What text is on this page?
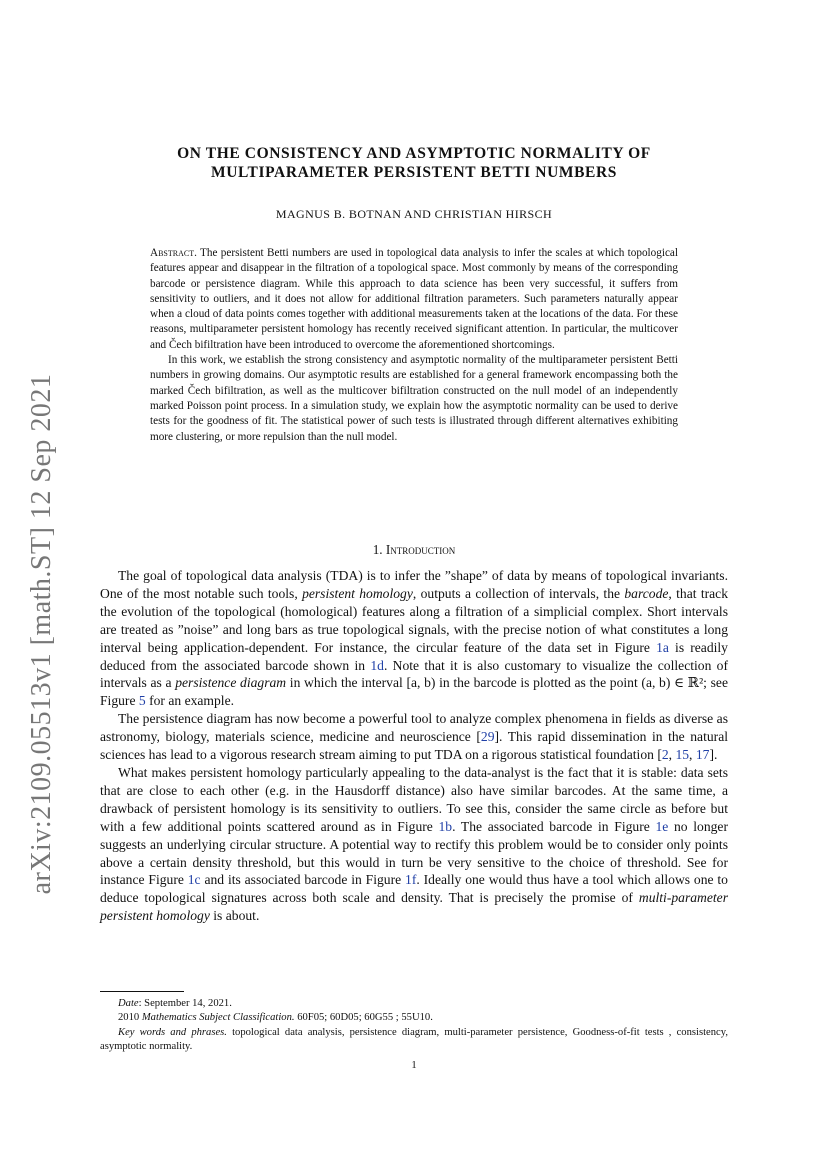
arXiv:2109.05513v1 [math.ST] 12 Sep 2021
ON THE CONSISTENCY AND ASYMPTOTIC NORMALITY OF
MULTIPARAMETER PERSISTENT BETTI NUMBERS
MAGNUS B. BOTNAN AND CHRISTIAN HIRSCH

Abstract. The persistent Betti numbers are used in topological data analysis to infer the scales at which topological features appear and disappear in the filtration of a topological space. Most commonly by means of the corresponding barcode or persistence diagram. While this approach to data science has been very successful, it suffers from sensitivity to outliers, and it does not allow for additional filtration parameters. Such parameters naturally appear when a cloud of data points comes together with additional measurements taken at the locations of the data. For these reasons, multiparameter persistent homology has recently received significant attention. In particular, the multicover and Čech bifiltration have been introduced to overcome the aforementioned shortcomings.

In this work, we establish the strong consistency and asymptotic normality of the multiparameter persistent Betti numbers in growing domains. Our asymptotic results are established for a general framework encompassing both the marked Čech bifiltration, as well as the multicover bifiltration constructed on the null model of an independently marked Poisson point process. In a simulation study, we explain how the asymptotic normality can be used to derive tests for the goodness of fit. The statistical power of such tests is illustrated through different alternatives exhibiting more clustering, or more repulsion than the null model.

1. Introduction

The goal of topological data analysis (TDA) is to infer the ”shape” of data by means of topological invariants. One of the most notable such tools, persistent homology, outputs a collection of intervals, the barcode, that track the evolution of the topological (homological) features along a filtration of a simplicial complex. Short intervals are treated as ”noise” and long bars as true topological signals, with the precise notion of what constitutes a long interval being application-dependent. For instance, the circular feature of the data set in Figure 1a is readily deduced from the associated barcode shown in 1d. Note that it is also customary to visualize the collection of intervals as a persistence diagram in which the interval [a, b) in the barcode is plotted as the point (a, b) ∈ ℝ²; see Figure 5 for an example.

The persistence diagram has now become a powerful tool to analyze complex phenomena in fields as diverse as astronomy, biology, materials science, medicine and neuroscience [29]. This rapid dissemination in the natural sciences has lead to a vigorous research stream aiming to put TDA on a rigorous statistical foundation [2, 15, 17].

What makes persistent homology particularly appealing to the data-analyst is the fact that it is stable: data sets that are close to each other (e.g. in the Hausdorff distance) also have similar barcodes. At the same time, a drawback of persistent homology is its sensitivity to outliers. To see this, consider the same circle as before but with a few additional points scattered around as in Figure 1b. The associated barcode in Figure 1e no longer suggests an underlying circular structure. A potential way to rectify this problem would be to consider only points above a certain density threshold, but this would in turn be very sensitive to the choice of threshold. See for instance Figure 1c and its associated barcode in Figure 1f. Ideally one would thus have a tool which allows one to deduce topological signatures across both scale and density. That is precisely the promise of multi-parameter persistent homology is about.

Date: September 14, 2021.

2010 Mathematics Subject Classification. 60F05; 60D05; 60G55 ; 55U10.

Key words and phrases. topological data analysis, persistence diagram, multi-parameter persistence, Goodness-of-fit tests , consistency, asymptotic normality.

1
